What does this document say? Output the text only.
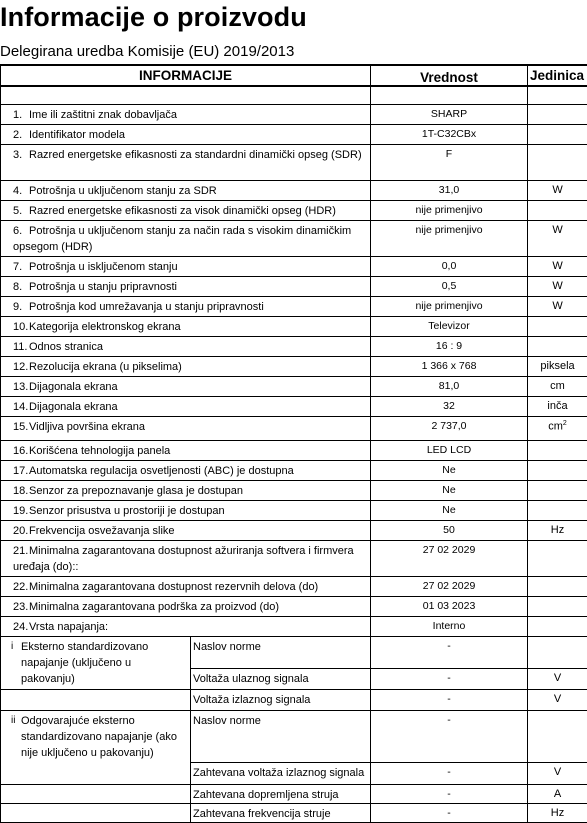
Informacije o proizvodu
Delegirana uredba Komisije (EU) 2019/2013
INFORMACIJE		Vrednost	Jedinica

1. Ime ili zaštitni znak dobavljača		SHARP	
2. Identifikator modela		1T-C32CBx	
3. Razred energetske efikasnosti za standardni dinamički opseg (SDR)		F	
4. Potrošnja u uključenom stanju za SDR		31,0	W
5. Razred energetske efikasnosti za visok dinamički opseg (HDR)		nije primenjivo	
6. Potrošnja u uključenom stanju za način rada s visokim dinamičkim opsegom (HDR)		nije primenjivo	W
7. Potrošnja u isključenom stanju		0,0	W
8. Potrošnja u stanju pripravnosti		0,5	W
9. Potrošnja kod umrežavanja u stanju pripravnosti		nije primenjivo	W
10.Kategorija elektronskog ekrana		Televizor	
11. Odnos stranica		16 : 9	
12.Rezolucija ekrana (u pikselima)		1 366 x 768	piksela
13.Dijagonala ekrana		81,0	cm
14.Dijagonala ekrana		32	inča
15.Vidljiva površina ekrana		2 737,0	$cm^2$
16.Korišćena tehnologija panela		LED LCD	
17.Automatska regulacija osvetljenosti (ABC) je dostupna		Ne	
18.Senzor za prepoznavanje glasa je dostupan		Ne	
19.Senzor prisustva u prostoriji je dostupan		Ne	
20.Frekvencija osvežavanja slike		50	Hz
21.Minimalna zagarantovana dostupnost ažuriranja softvera i firmvera uređaja (do)::		27 02 2029	
22.Minimalna zagarantovana dostupnost rezervnih delova (do)		27 02 2029	
23.Minimalna zagarantovana podrška za proizvod (do)		01 03 2023	
24.Vrsta napajanja:		Interno	
i Eksterno standardizovano napajanje (uključeno u pakovanju)	Naslov norme	-	
	Voltaža ulaznog signala	-	V
	Voltaža izlaznog signala	-	V
ii Odgovarajuće eksterno standardizovano napajanje (ako nije uključeno u pakovanju)	Naslov norme	-	
	Zahtevana voltaža izlaznog signala	-	V
	Zahtevana dopremljena struja	-	A
	Zahtevana frekvencija struje	-	Hz
